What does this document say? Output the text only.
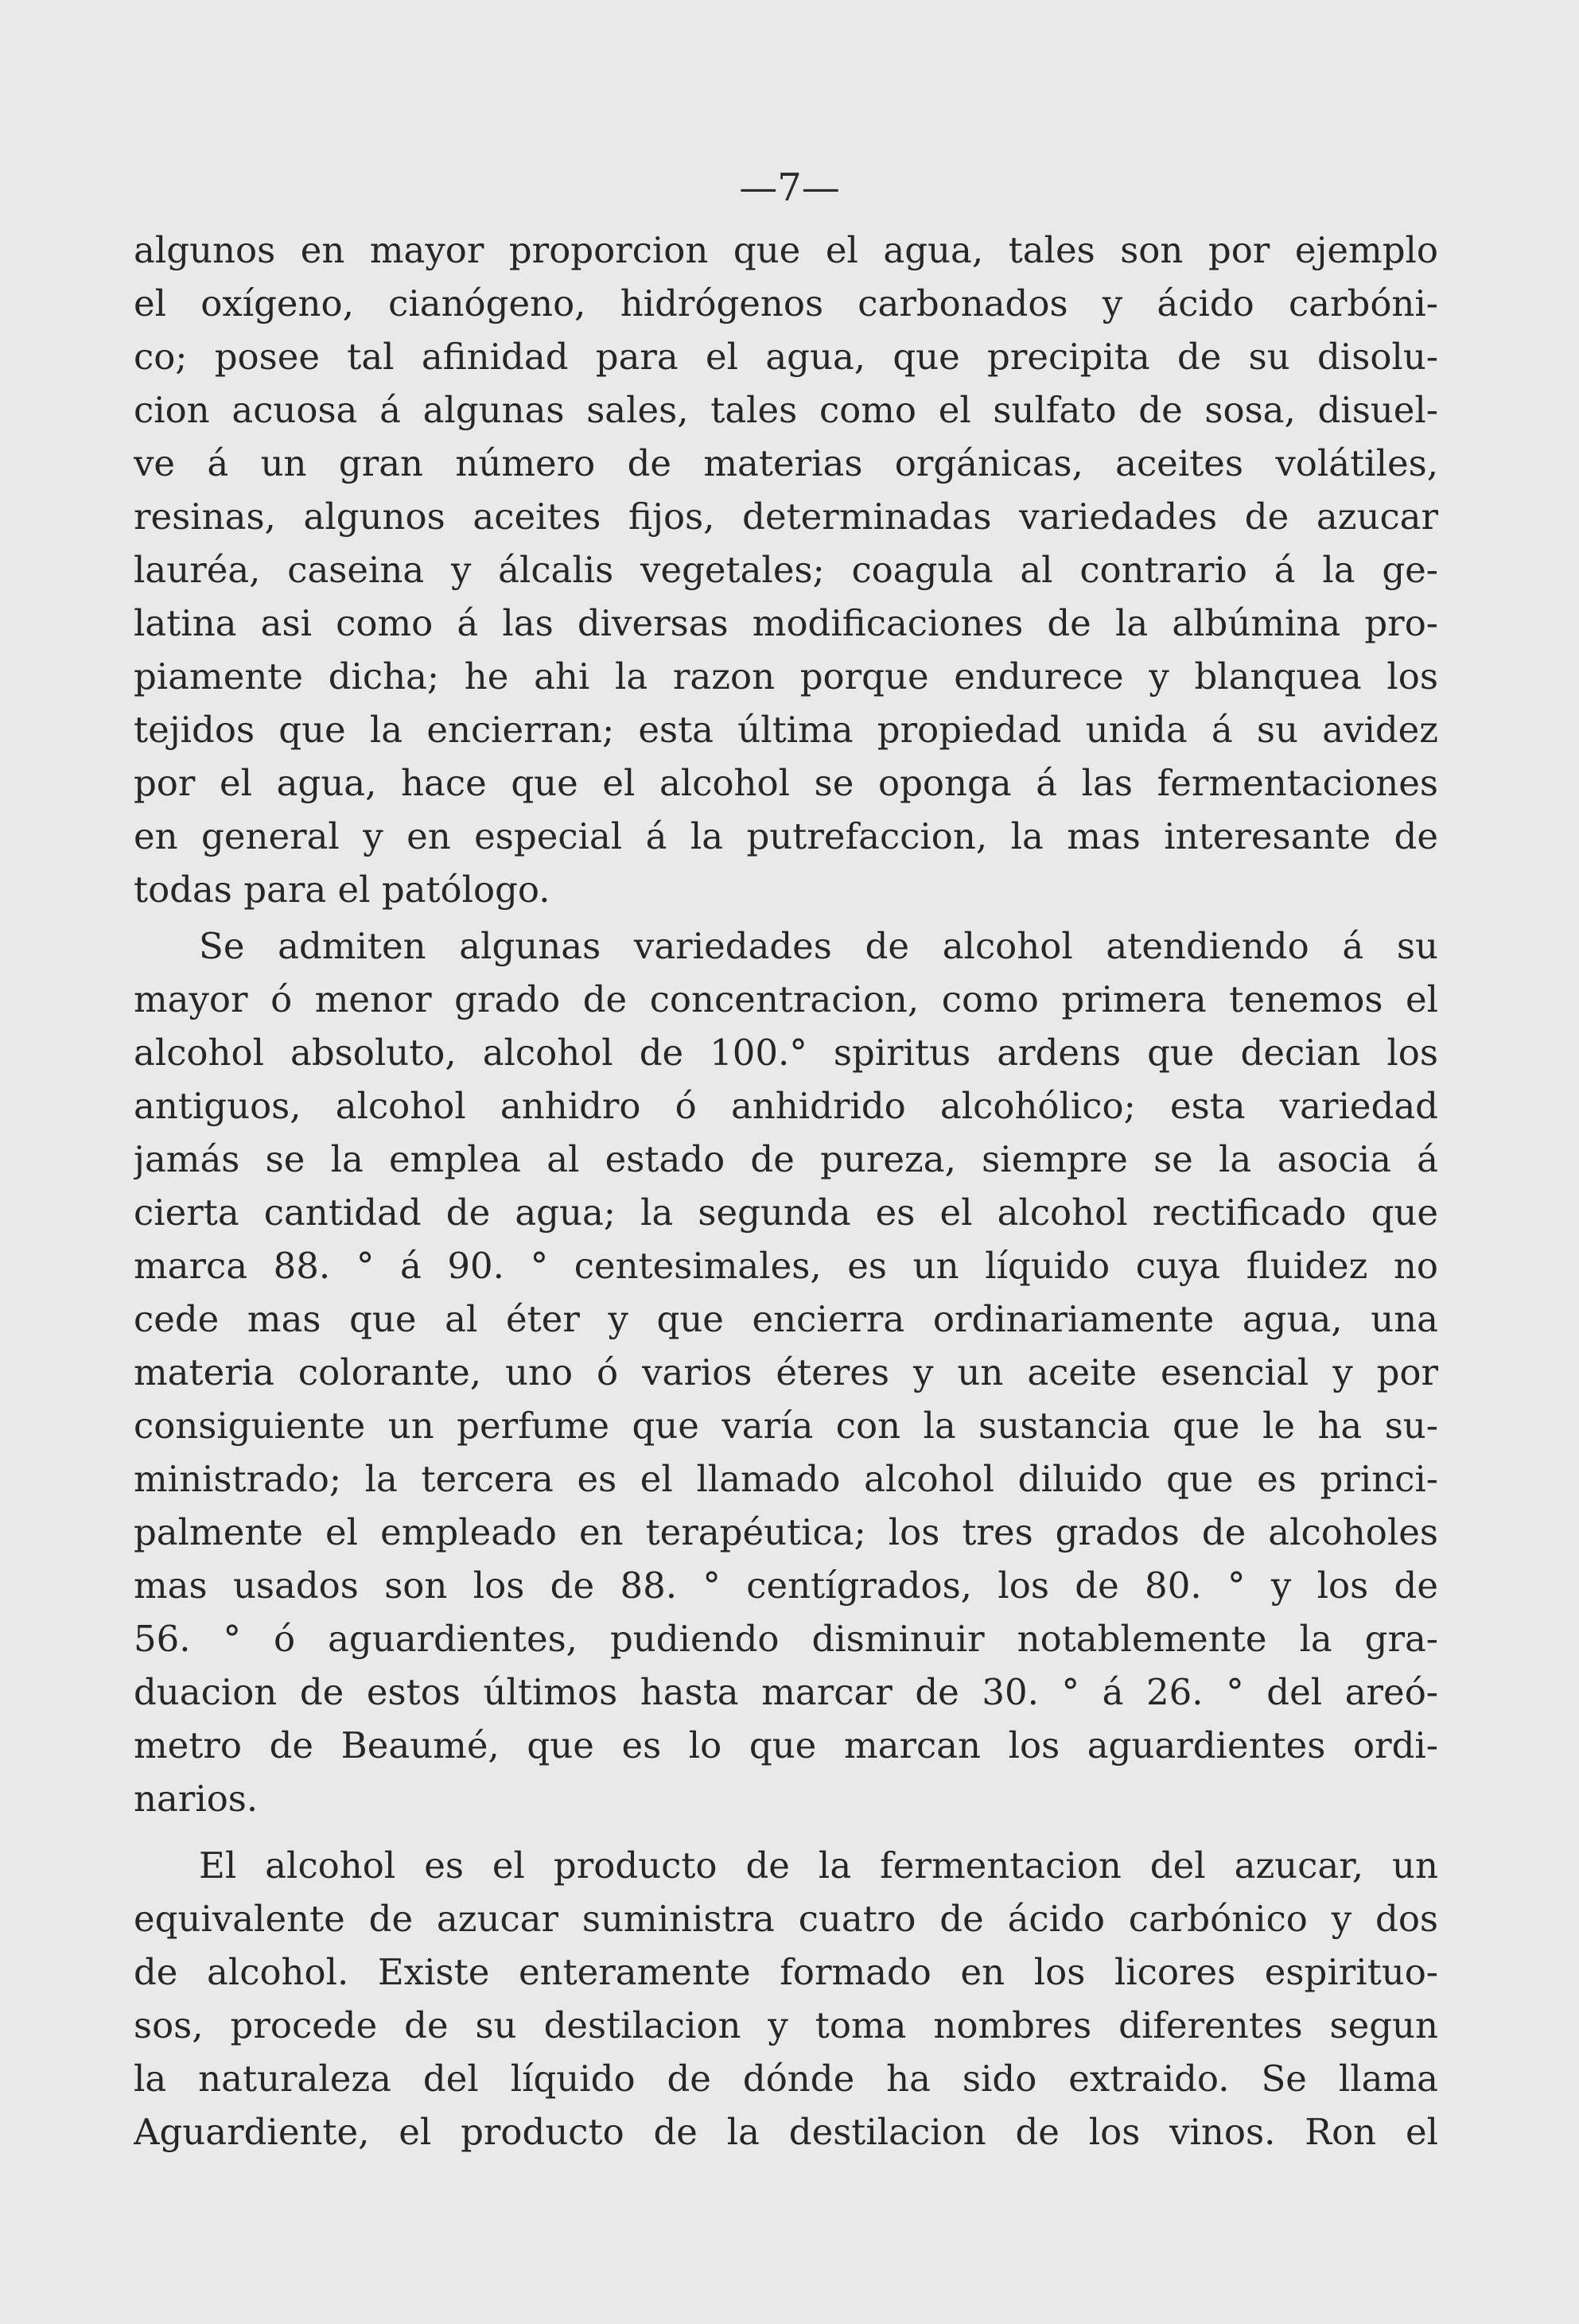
—7—
algunos en mayor proporcion que el agua, tales son por ejemplo
el oxígeno, cianógeno, hidrógenos carbonados y ácido carbóni-
co; posee tal afinidad para el agua, que precipita de su disolu-
cion acuosa á algunas sales, tales como el sulfato de sosa, disuel-
ve á un gran número de materias orgánicas, aceites volátiles,
resinas, algunos aceites fijos, determinadas variedades de azucar
lauréa, caseina y álcalis vegetales; coagula al contrario á la ge-
latina asi como á las diversas modificaciones de la albúmina pro-
piamente dicha; he ahi la razon porque endurece y blanquea los
tejidos que la encierran; esta última propiedad unida á su avidez
por el agua, hace que el alcohol se oponga á las fermentaciones
en general y en especial á la putrefaccion, la mas interesante de
todas para el patólogo.
Se admiten algunas variedades de alcohol atendiendo á su
mayor ó menor grado de concentracion, como primera tenemos el
alcohol absoluto, alcohol de 100.° spiritus ardens que decian los
antiguos, alcohol anhidro ó anhidrido alcohólico; esta variedad
jamás se la emplea al estado de pureza, siempre se la asocia á
cierta cantidad de agua; la segunda es el alcohol rectificado que
marca 88. ° á 90. ° centesimales, es un líquido cuya fluidez no
cede mas que al éter y que encierra ordinariamente agua, una
materia colorante, uno ó varios éteres y un aceite esencial y por
consiguiente un perfume que varía con la sustancia que le ha su-
ministrado; la tercera es el llamado alcohol diluido que es princi-
palmente el empleado en terapéutica; los tres grados de alcoholes
mas usados son los de 88. ° centígrados, los de 80. ° y los de
56. ° ó aguardientes, pudiendo disminuir notablemente la gra-
duacion de estos últimos hasta marcar de 30. ° á 26. ° del areó-
metro de Beaumé, que es lo que marcan los aguardientes ordi-
narios.
El alcohol es el producto de la fermentacion del azucar, un
equivalente de azucar suministra cuatro de ácido carbónico y dos
de alcohol. Existe enteramente formado en los licores espirituo-
sos, procede de su destilacion y toma nombres diferentes segun
la naturaleza del líquido de dónde ha sido extraido. Se llama
Aguardiente, el producto de la destilacion de los vinos. Ron el
